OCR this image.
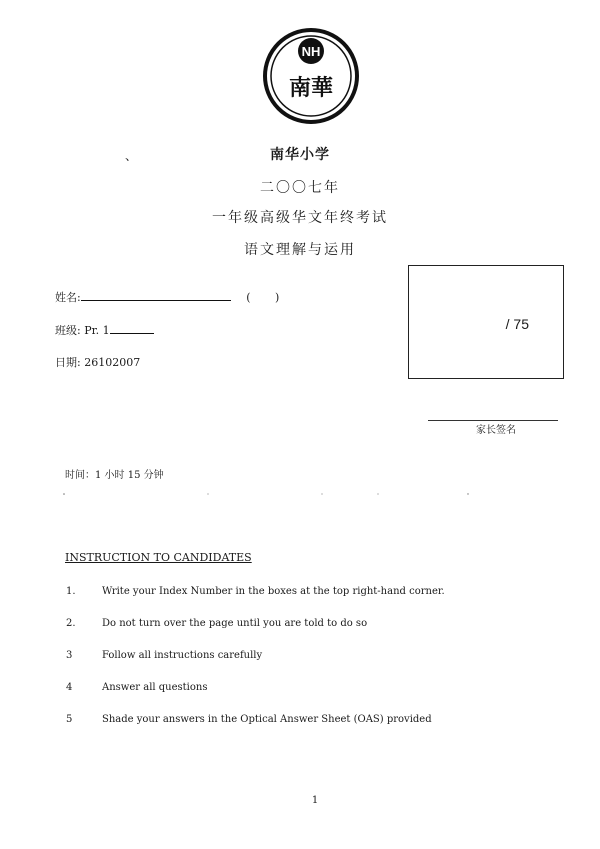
、
NH
南華
南华小学
二〇〇七年
一年级高级华文年终考试
语文理解与运用
姓名:	(       )
班级: Pr. 1
日期: 26102007
/ 75
家长签名
时间：1 小时 15 分钟
INSTRUCTION TO CANDIDATES
1.	Write your Index Number in the boxes at the top right-hand corner.
2.	Do not turn over the page until you are told to do so
3	Follow all instructions carefully
4	Answer all questions
5	Shade your answers in the Optical Answer Sheet (OAS) provided
1
